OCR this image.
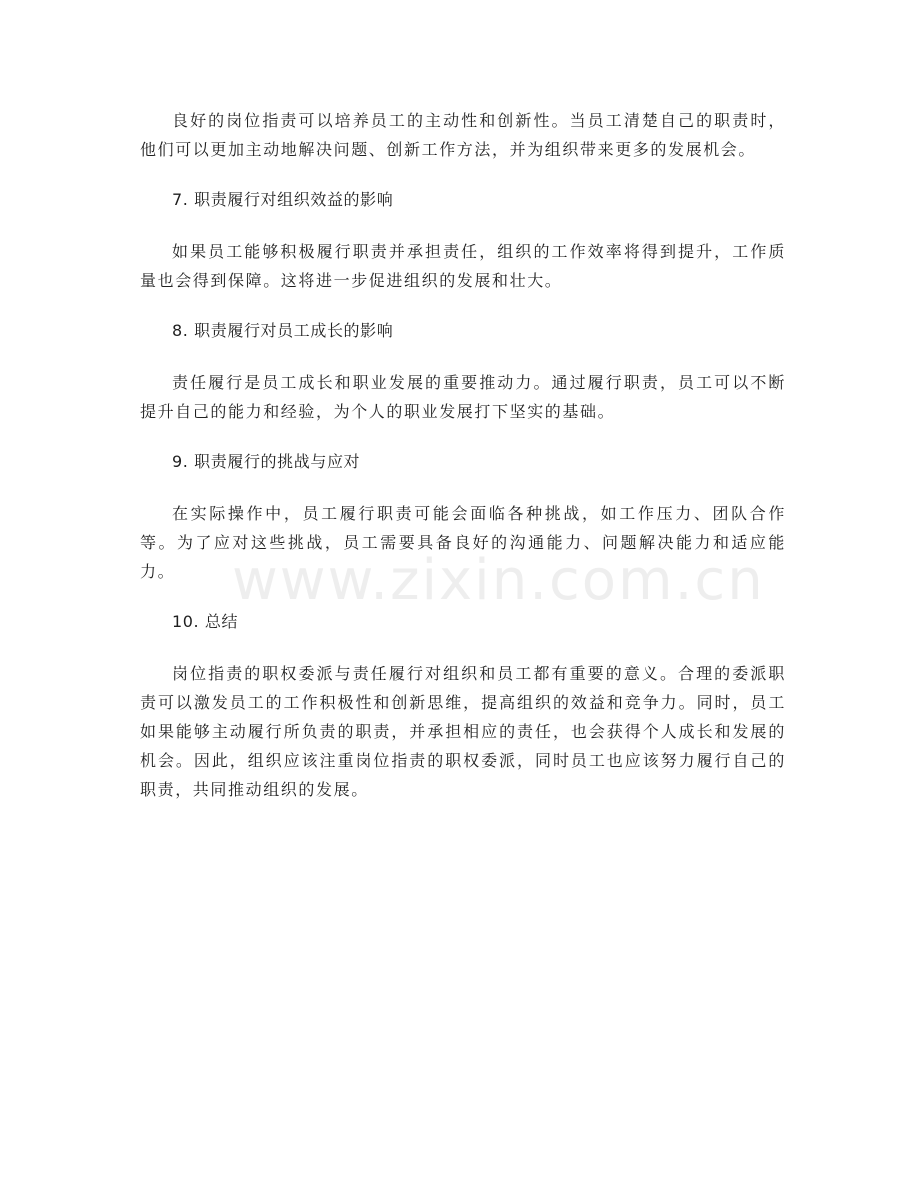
良好的岗位指责可以培养员工的主动性和创新性。当员工清楚自己的职责时，他们可以更加主动地解决问题、创新工作方法，并为组织带来更多的发展机会。

7. 职责履行对组织效益的影响

如果员工能够积极履行职责并承担责任，组织的工作效率将得到提升，工作质量也会得到保障。这将进一步促进组织的发展和壮大。

8. 职责履行对员工成长的影响

责任履行是员工成长和职业发展的重要推动力。通过履行职责，员工可以不断提升自己的能力和经验，为个人的职业发展打下坚实的基础。

9. 职责履行的挑战与应对

在实际操作中，员工履行职责可能会面临各种挑战，如工作压力、团队合作等。为了应对这些挑战，员工需要具备良好的沟通能力、问题解决能力和适应能力。

10. 总结

岗位指责的职权委派与责任履行对组织和员工都有重要的意义。合理的委派职责可以激发员工的工作积极性和创新思维，提高组织的效益和竞争力。同时，员工如果能够主动履行所负责的职责，并承担相应的责任，也会获得个人成长和发展的机会。因此，组织应该注重岗位指责的职权委派，同时员工也应该努力履行自己的职责，共同推动组织的发展。

www.zixin.com.cn
